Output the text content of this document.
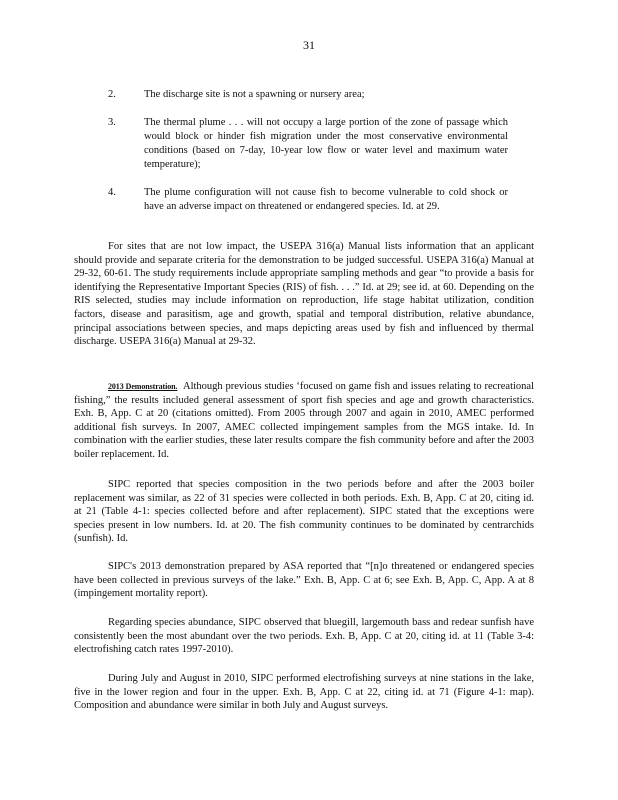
31
2.	The discharge site is not a spawning or nursery area;
3.	The thermal plume . . . will not occupy a large portion of the zone of passage which would block or hinder fish migration under the most conservative environmental conditions (based on 7-day, 10-year low flow or water level and maximum water temperature);
4.	The plume configuration will not cause fish to become vulnerable to cold shock or have an adverse impact on threatened or endangered species. Id. at 29.

For sites that are not low impact, the USEPA 316(a) Manual lists information that an applicant should provide and separate criteria for the demonstration to be judged successful. USEPA 316(a) Manual at 29-32, 60-61. The study requirements include appropriate sampling methods and gear “to provide a basis for identifying the Representative Important Species (RIS) of fish. . . .” Id. at 29; see id. at 60. Depending on the RIS selected, studies may include information on reproduction, life stage habitat utilization, condition factors, disease and parasitism, age and growth, spatial and temporal distribution, relative abundance, principal associations between species, and maps depicting areas used by fish and influenced by thermal discharge. USEPA 316(a) Manual at 29-32.

2013 Demonstration. Although previous studies ‘focused on game fish and issues relating to recreational fishing,” the results included general assessment of sport fish species and age and growth characteristics. Exh. B, App. C at 20 (citations omitted). From 2005 through 2007 and again in 2010, AMEC performed additional fish surveys. In 2007, AMEC collected impingement samples from the MGS intake. Id. In combination with the earlier studies, these later results compare the fish community before and after the 2003 boiler replacement. Id.

SIPC reported that species composition in the two periods before and after the 2003 boiler replacement was similar, as 22 of 31 species were collected in both periods. Exh. B, App. C at 20, citing id. at 21 (Table 4-1: species collected before and after replacement). SIPC stated that the exceptions were species present in low numbers. Id. at 20. The fish community continues to be dominated by centrarchids (sunfish). Id.

SIPC's 2013 demonstration prepared by ASA reported that “[n]o threatened or endangered species have been collected in previous surveys of the lake.” Exh. B, App. C at 6; see Exh. B, App. C, App. A at 8 (impingement mortality report).

Regarding species abundance, SIPC observed that bluegill, largemouth bass and redear sunfish have consistently been the most abundant over the two periods. Exh. B, App. C at 20, citing id. at 11 (Table 3-4: electrofishing catch rates 1997-2010).

During July and August in 2010, SIPC performed electrofishing surveys at nine stations in the lake, five in the lower region and four in the upper. Exh. B, App. C at 22, citing id. at 71 (Figure 4-1: map). Composition and abundance were similar in both July and August surveys.
